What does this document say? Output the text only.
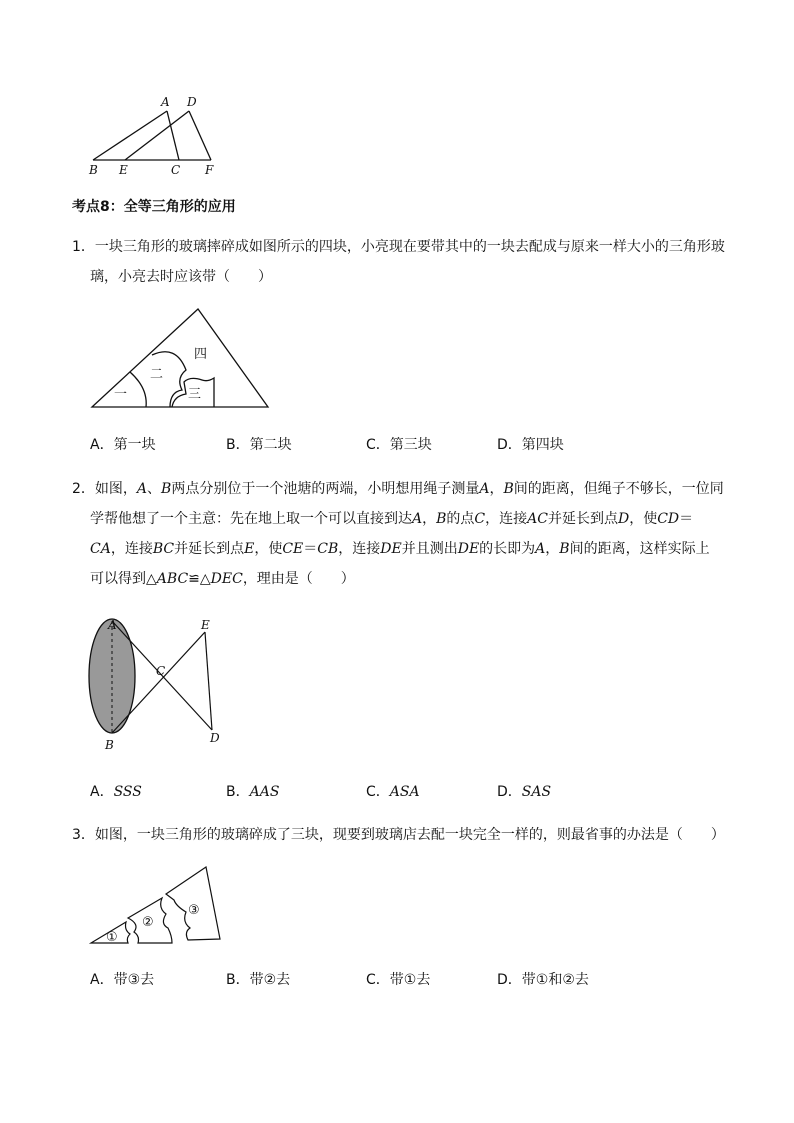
A D
B E	C F
考点8：全等三角形的应用
1．一块三角形的玻璃摔碎成如图所示的四块，小亮现在要带其中的一块去配成与原来一样大小的三角形玻
璃，小亮去时应该带（　　）
一
二
三
四
A．第一块	B．第二块	C．第三块	D．第四块
2．如图，A、B两点分别位于一个池塘的两端，小明想用绳子测量A，B间的距离，但绳子不够长，一位同
学帮他想了一个主意：先在地上取一个可以直接到达A，B的点C，连接AC并延长到点D，使CD＝
CA，连接BC并延长到点E，使CE＝CB，连接DE并且测出DE的长即为A，B间的距离，这样实际上
可以得到△ABC≌△DEC，理由是（　　）
A
B
C
D
E
A．SSS	B．AAS	C．ASA	D．SAS
3．如图，一块三角形的玻璃碎成了三块，现要到玻璃店去配一块完全一样的，则最省事的办法是（　　）
①
②
③
A．带③去	B．带②去	C．带①去	D．带①和②去
